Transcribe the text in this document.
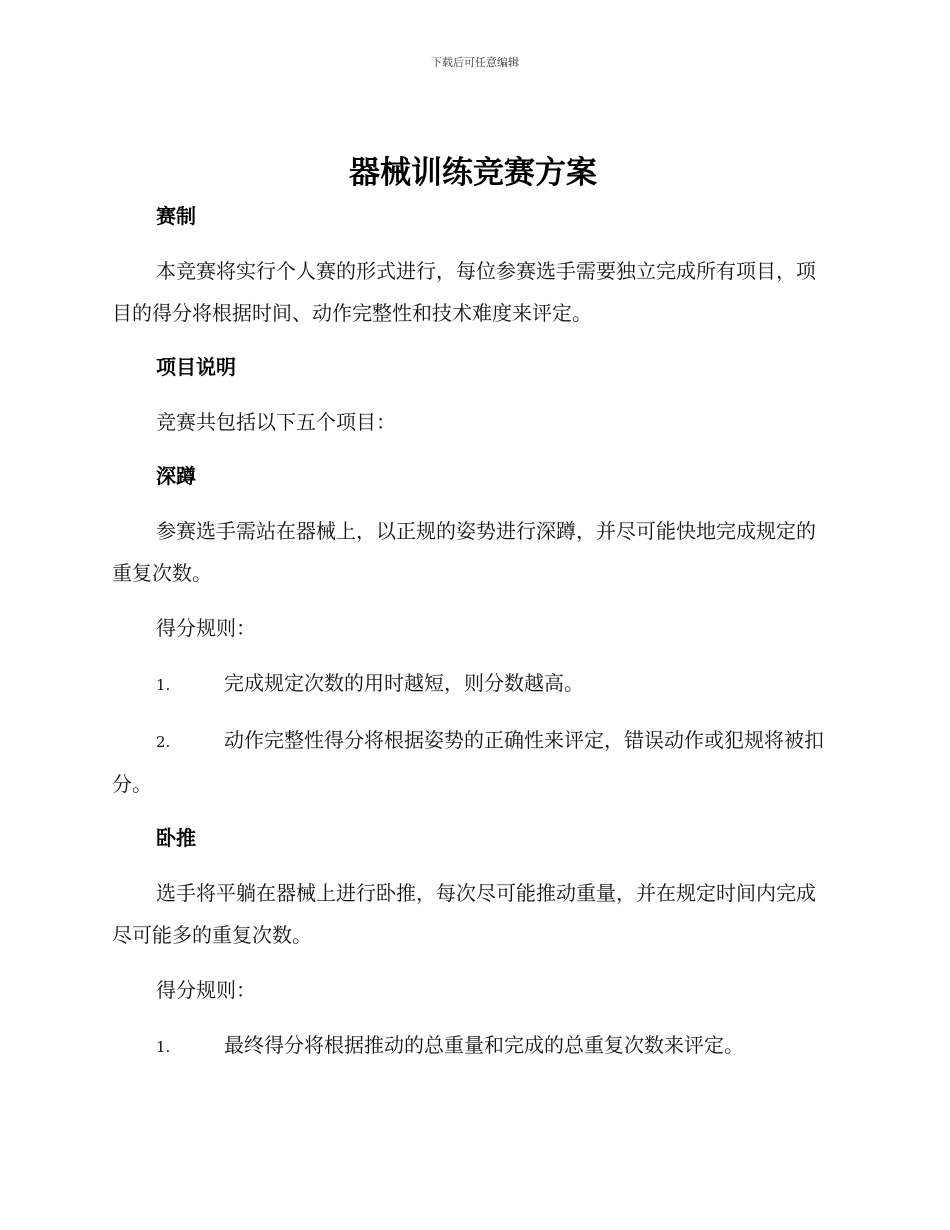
下载后可任意编辑
器械训练竞赛方案
赛制

本竞赛将实行个人赛的形式进行，每位参赛选手需要独立完成所有项目，项目的得分将根据时间、动作完整性和技术难度来评定。

项目说明

竞赛共包括以下五个项目：

深蹲

参赛选手需站在器械上，以正规的姿势进行深蹲，并尽可能快地完成规定的重复次数。

得分规则：

1.	完成规定次数的用时越短，则分数越高。

2.	动作完整性得分将根据姿势的正确性来评定，错误动作或犯规将被扣分。

卧推

选手将平躺在器械上进行卧推，每次尽可能推动重量，并在规定时间内完成尽可能多的重复次数。

得分规则：

1.	最终得分将根据推动的总重量和完成的总重复次数来评定。
